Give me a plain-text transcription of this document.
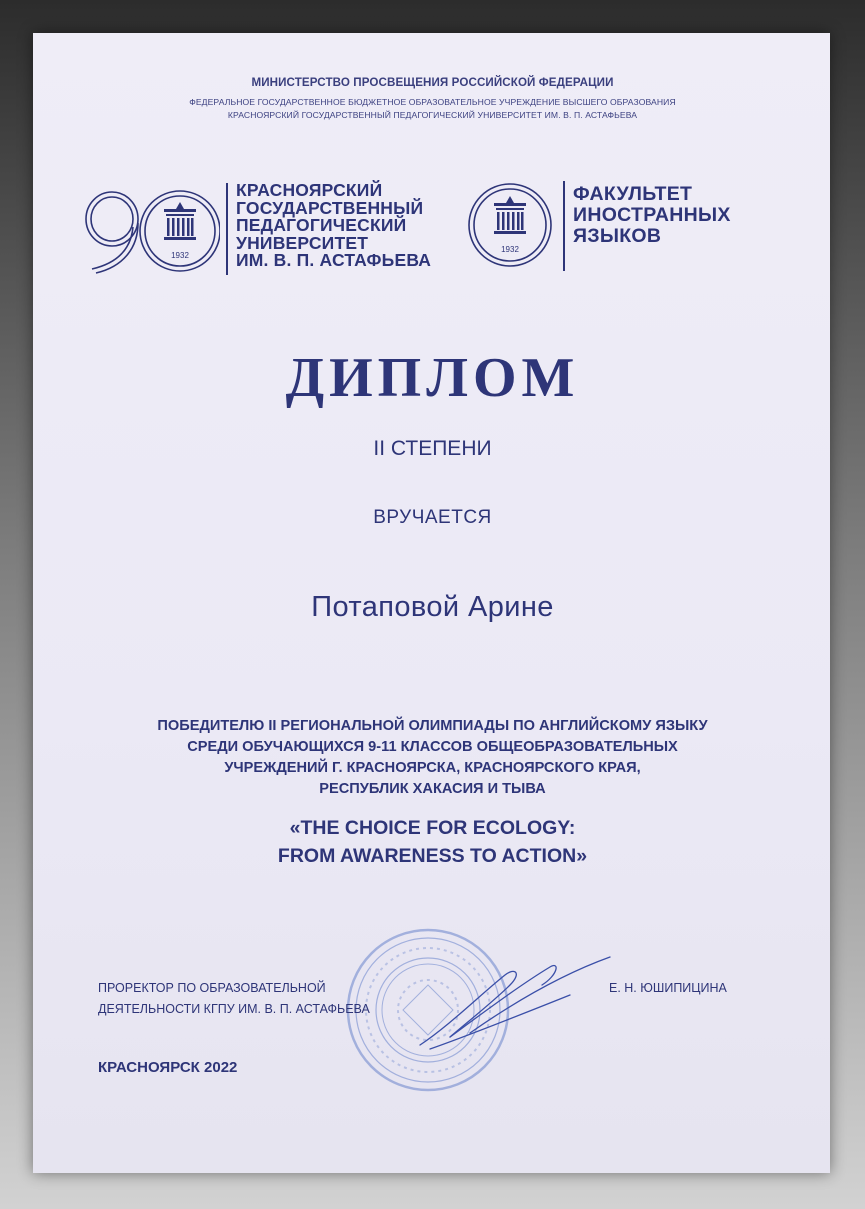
МИНИСТЕРСТВО ПРОСВЕЩЕНИЯ РОССИЙСКОЙ ФЕДЕРАЦИИ
ФЕДЕРАЛЬНОЕ ГОСУДАРСТВЕННОЕ БЮДЖЕТНОЕ ОБРАЗОВАТЕЛЬНОЕ УЧРЕЖДЕНИЕ ВЫСШЕГО ОБРАЗОВАНИЯ
КРАСНОЯРСКИЙ ГОСУДАРСТВЕННЫЙ ПЕДАГОГИЧЕСКИЙ УНИВЕРСИТЕТ ИМ. В. П. АСТАФЬЕВА
1932
КРАСНОЯРСКИЙ
ГОСУДАРСТВЕННЫЙ
ПЕДАГОГИЧЕСКИЙ
УНИВЕРСИТЕТ
ИМ. В. П. АСТАФЬЕВА
1932
ФАКУЛЬТЕТ
ИНОСТРАННЫХ
ЯЗЫКОВ
ДИПЛОМ
II СТЕПЕНИ
ВРУЧАЕТСЯ
Потаповой Арине
ПОБЕДИТЕЛЮ II РЕГИОНАЛЬНОЙ ОЛИМПИАДЫ ПО АНГЛИЙСКОМУ ЯЗЫКУ
СРЕДИ ОБУЧАЮЩИХСЯ 9-11 КЛАССОВ ОБЩЕОБРАЗОВАТЕЛЬНЫХ
УЧРЕЖДЕНИЙ Г. КРАСНОЯРСКА, КРАСНОЯРСКОГО КРАЯ,
РЕСПУБЛИК ХАКАСИЯ И ТЫВА
«THE CHOICE FOR ECOLOGY:
FROM AWARENESS TO ACTION»
ПРОРЕКТОР ПО ОБРАЗОВАТЕЛЬНОЙ
ДЕЯТЕЛЬНОСТИ КГПУ ИМ. В. П. АСТАФЬЕВА
Е. Н. ЮШИПИЦИНА
КРАСНОЯРСК 2022
